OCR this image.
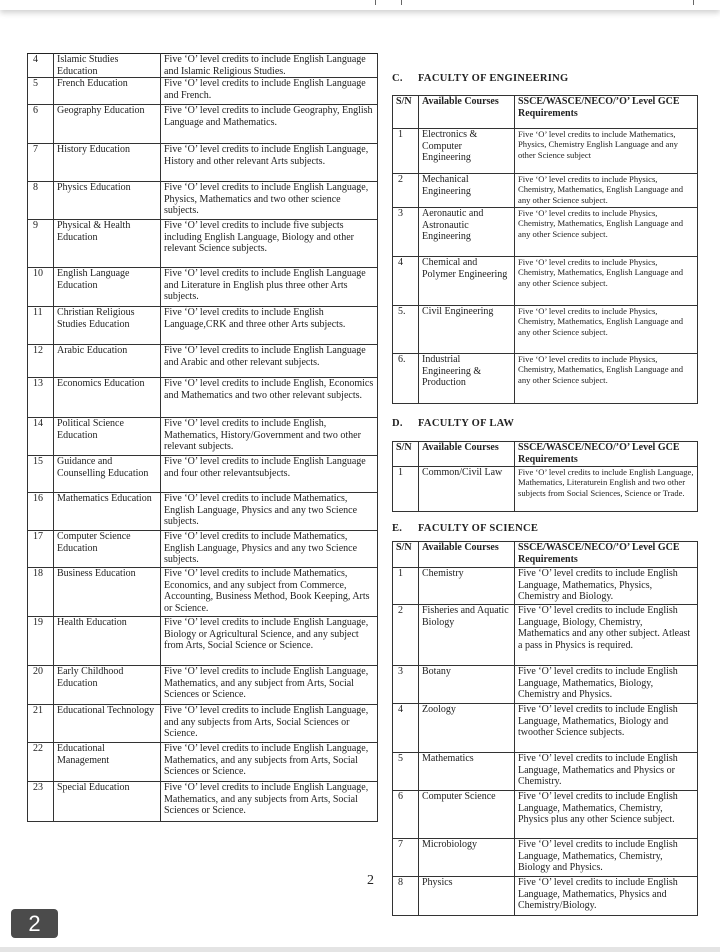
4	Islamic Studies Education	Five ‘O’ level credits to include English Language and Islamic Religious Studies.
5	French Education	Five ‘O’ level credits to include English Language and French.
6	Geography Education	Five ‘O’ level credits to include Geography, English Language and Mathematics.
7	History Education	Five ‘O’ level credits to include English Language, History and other relevant Arts subjects.
8	Physics Education	Five ‘O’ level credits to include English Language, Physics, Mathematics and two other science subjects.
9	Physical & Health Education	Five ‘O’ level credits to include five subjects including English Language, Biology and other relevant Science subjects.
10	English Language Education	Five ‘O’ level credits to include English Language and Literature in English plus three other Arts subjects.
11	Christian Religious Studies Education	Five ‘O’ level credits to include English Language,CRK and three other Arts subjects.
12	Arabic Education	Five ‘O’ level credits to include English Language and Arabic and other relevant subjects.
13	Economics Education	Five ‘O’ level credits to include English, Economics and Mathematics and two other relevant subjects.
14	Political Science Education	Five ‘O’ level credits to include English, Mathematics, History/Government and two other relevant subjects.
15	Guidance and Counselling Education	Five ‘O’ level credits to include English Language and four other relevantsubjects.
16	Mathematics Education	Five ‘O’ level credits to include Mathematics, English Language, Physics and any two Science subjects.
17	Computer Science Education	Five ‘O’ level credits to include Mathematics, English Language, Physics and any two Science subjects.
18	Business Education	Five ‘O’ level credits to include Mathematics, Economics, and any subject from Commerce, Accounting, Business Method, Book Keeping, Arts or Science.
19	Health Education	Five ‘O’ level credits to include English Language, Biology or Agricultural Science, and any subject from Arts, Social Science or Science.
20	Early Childhood Education	Five ‘O’ level credits to include English Language, Mathematics, and any subject from Arts, Social Sciences or Science.
21	Educational Technology	Five ‘O’ level credits to include English Language, and any subjects from Arts, Social Sciences or Science.
22	Educational Management	Five ‘O’ level credits to include English Language, Mathematics, and any subjects from Arts, Social Sciences or Science.
23	Special Education	Five ‘O’ level credits to include English Language, Mathematics, and any subjects from Arts, Social Sciences or Science.
C. FACULTY OF ENGINEERING
S/N	Available Courses	SSCE/WASCE/NECO/’O’ Level GCE Requirements
1	Electronics & Computer Engineering	Five ‘O’ level credits to include Mathematics, Physics, Chemistry English Language and any other Science subject
2	Mechanical Engineering	Five ‘O’ level credits to include Physics, Chemistry, Mathematics, English Language and any other Science subject.
3	Aeronautic and Astronautic Engineering	Five ‘O’ level credits to include Physics, Chemistry, Mathematics, English Language and any other Science subject.
4	Chemical and Polymer Engineering	Five ‘O’ level credits to include Physics, Chemistry, Mathematics, English Language and any other Science subject.
5.	Civil Engineering	Five ‘O’ level credits to include Physics, Chemistry, Mathematics, English Language and any other Science subject.
6.	Industrial Engineering & Production	Five ‘O’ level credits to include Physics, Chemistry, Mathematics, English Language and any other Science subject.
D. FACULTY OF LAW
S/N	Available Courses	SSCE/WASCE/NECO/’O’ Level GCE Requirements
1	Common/Civil Law	Five ‘O’ level credits to include English Language, Mathematics, Literaturein English and two other subjects from Social Sciences, Science or Trade.
E. FACULTY OF SCIENCE
S/N	Available Courses	SSCE/WASCE/NECO/’O’ Level GCE Requirements
1	Chemistry	Five ‘O’ level credits to include English Language, Mathematics, Physics, Chemistry and Biology.
2	Fisheries and Aquatic Biology	Five ‘O’ level credits to include English Language, Biology, Chemistry, Mathematics and any other subject. Atleast a pass in Physics is required.
3	Botany	Five ‘O’ level credits to include English Language, Mathematics, Biology, Chemistry and Physics.
4	Zoology	Five ‘O’ level credits to include English Language, Mathematics, Biology and twoother Science subjects.
5	Mathematics	Five ‘O’ level credits to include English Language, Mathematics and Physics or Chemistry.
6	Computer Science	Five ‘O’ level credits to include English Language, Mathematics, Chemistry, Physics plus any other Science subject.
7	Microbiology	Five ‘O’ level credits to include English Language, Mathematics, Chemistry, Biology and Physics.
8	Physics	Five ‘O’ level credits to include English Language, Mathematics, Physics and Chemistry/Biology.
2
2
